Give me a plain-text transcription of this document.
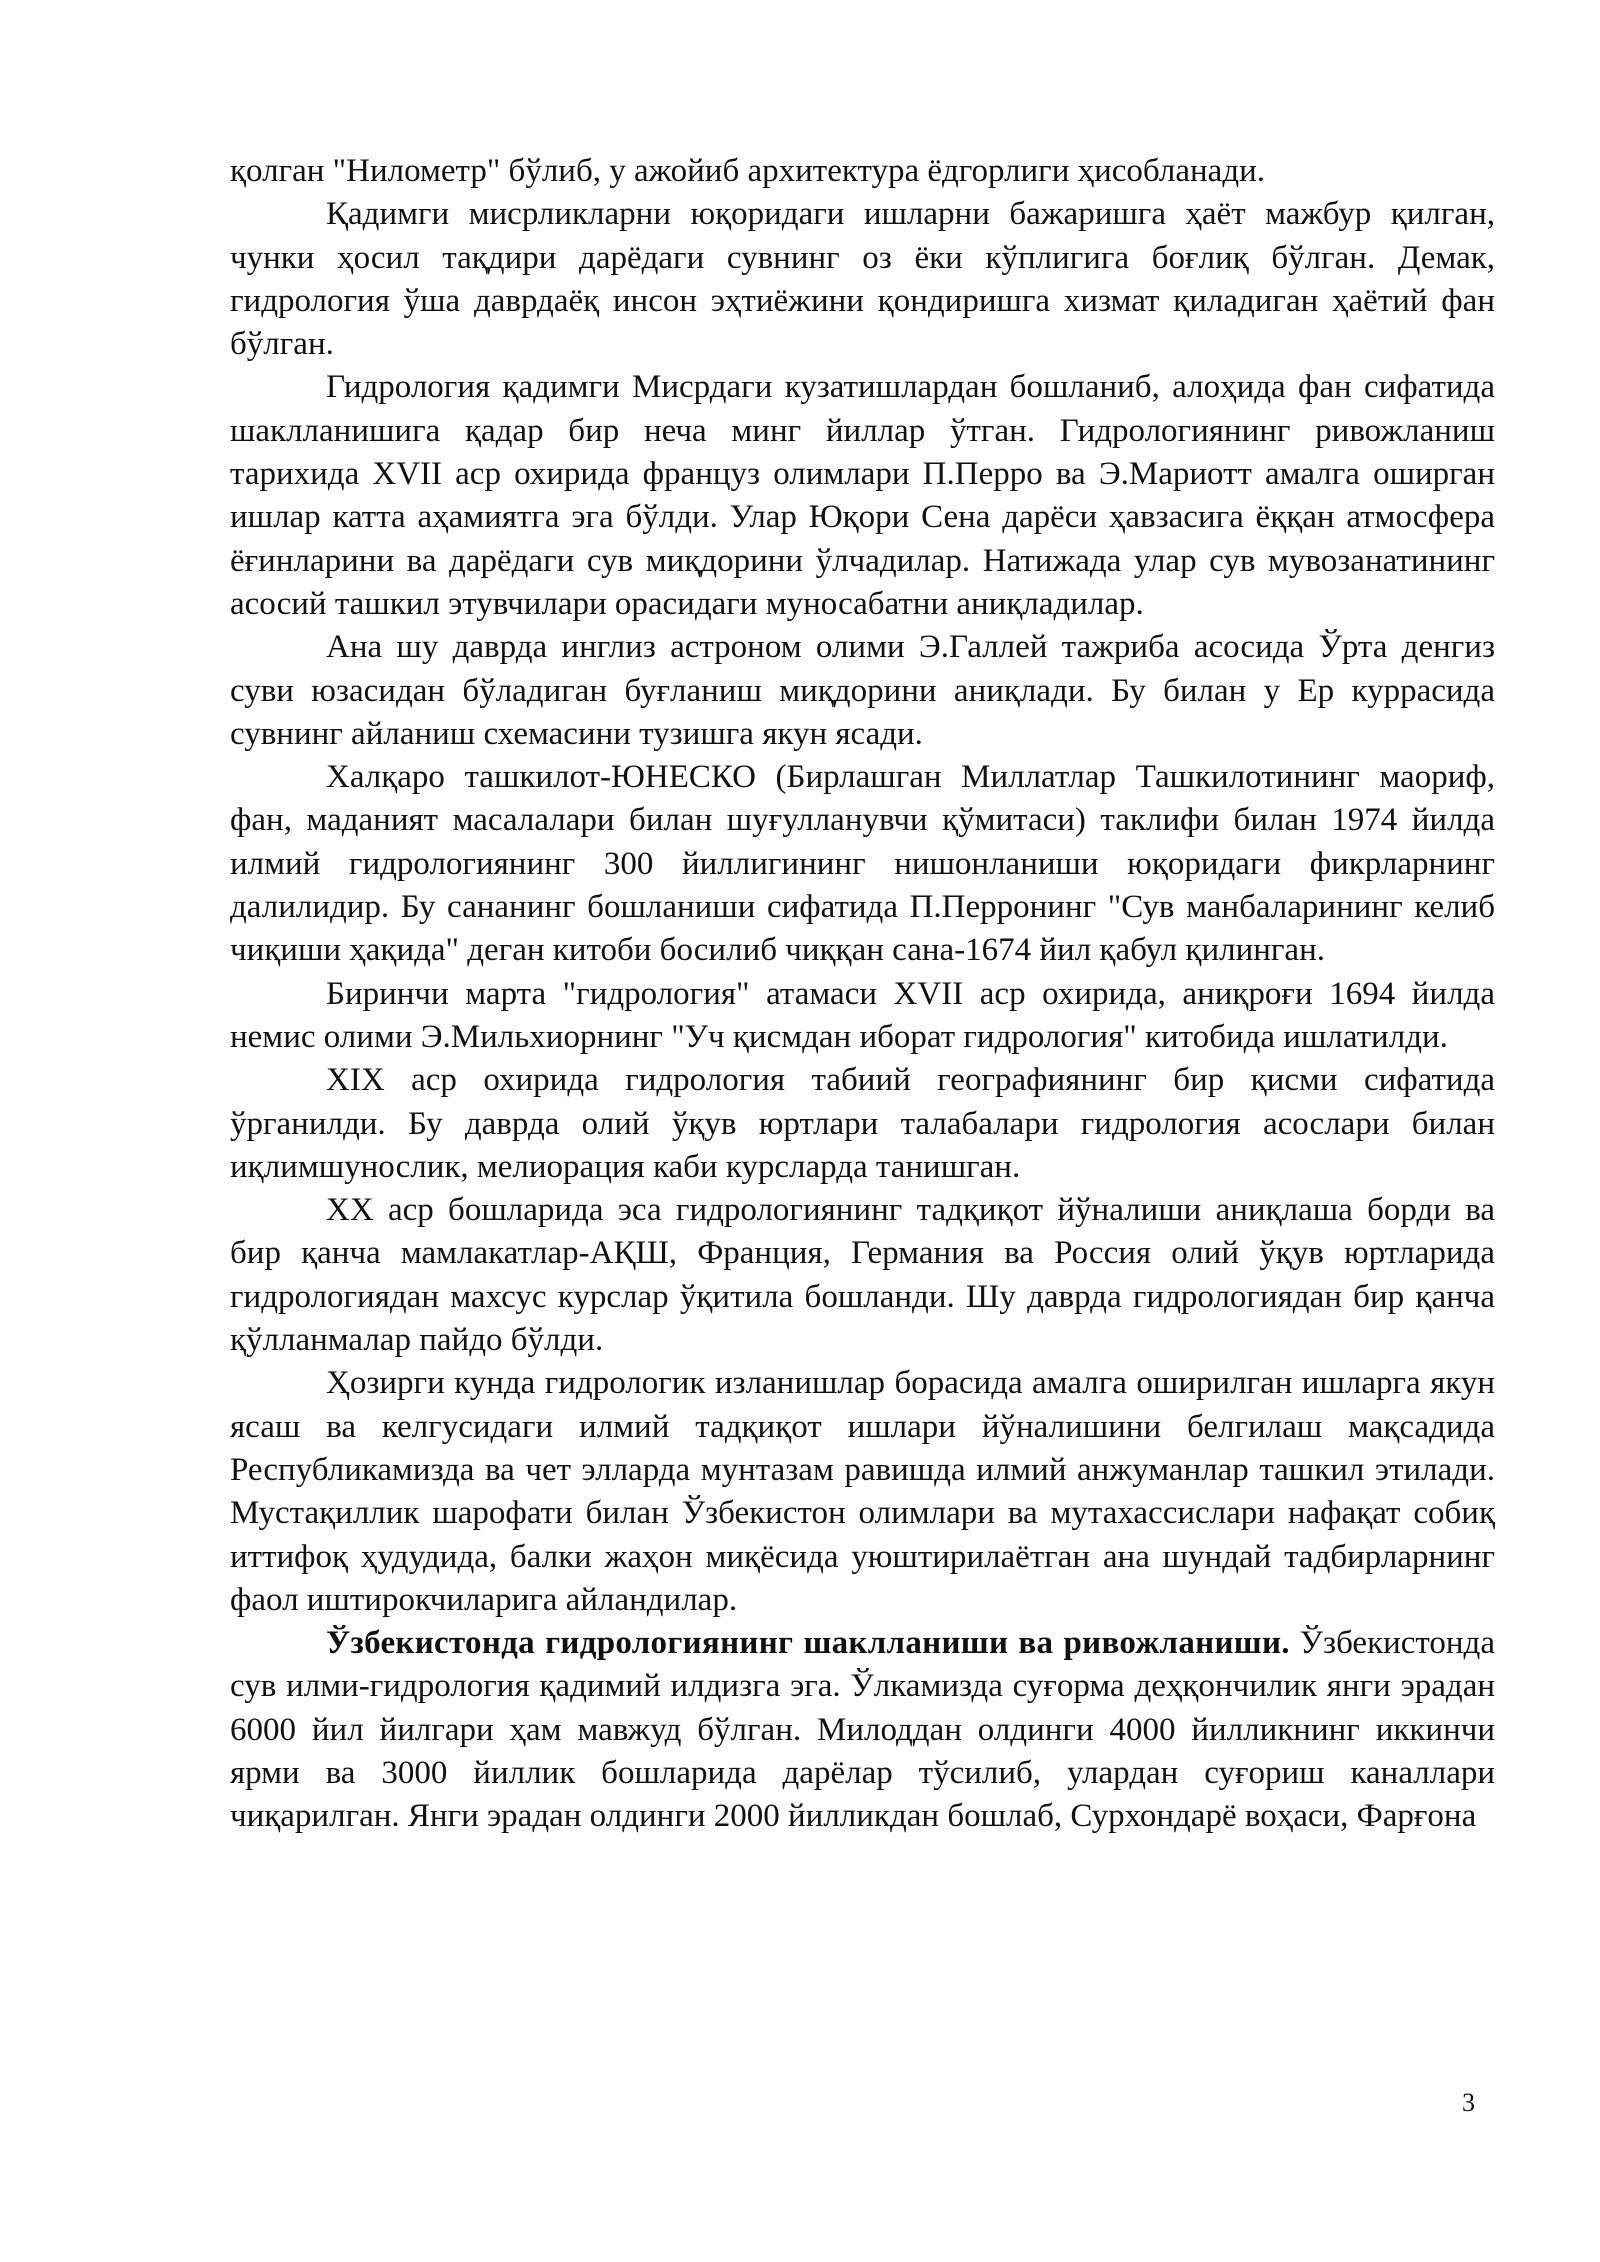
қолган "Нилометр" бўлиб, у ажойиб архитектура ёдгорлиги ҳисобланади.

Қадимги мисрликларни юқоридаги ишларни бажаришга ҳаёт мажбур қилган, чунки ҳосил тақдири дарёдаги сувнинг оз ёки кўплигига боғлиқ бўлган. Демак, гидрология ўша даврдаёқ инсон эҳтиёжини қондиришга хизмат қиладиган ҳаётий фан бўлган.

Гидрология қадимги Мисрдаги кузатишлардан бошланиб, алоҳида фан сифатида шаклланишига қадар бир неча минг йиллар ўтган. Гидрологиянинг ривожланиш тарихида XVII аср охирида француз олимлари П.Перро ва Э.Мариотт амалга оширган ишлар катта аҳамиятга эга бўлди. Улар Юқори Сена дарёси ҳавзасига ёққан атмосфера ёғинларини ва дарёдаги сув миқдорини ўлчадилар. Натижада улар сув мувозанатининг асосий ташкил этувчилари орасидаги муносабатни аниқладилар.

Ана шу даврда инглиз астроном олими Э.Галлей тажриба асосида Ўрта денгиз суви юзасидан бўладиган буғланиш миқдорини аниқлади. Бу билан у Ер куррасида сувнинг айланиш схемасини тузишга якун ясади.

Халқаро ташкилот-ЮНЕСКО (Бирлашган Миллатлар Ташкилотининг маориф, фан, маданият масалалари билан шуғулланувчи қўмитаси) таклифи билан 1974 йилда илмий гидрологиянинг 300 йиллигининг нишонланиши юқоридаги фикрларнинг далилидир. Бу сананинг бошланиши сифатида П.Перронинг "Сув манбаларининг келиб чиқиши ҳақида" деган китоби босилиб чиққан сана-1674 йил қабул қилинган.

Биринчи марта "гидрология" атамаси XVII аср охирида, аниқроғи 1694 йилда немис олими Э.Мильхиорнинг "Уч қисмдан иборат гидрология" китобида ишлатилди.

XIX аср охирида гидрология табиий географиянинг бир қисми сифатида ўрганилди. Бу даврда олий ўқув юртлари талабалари гидрология асослари билан иқлимшунослик, мелиорация каби курсларда танишган.

XX аср бошларида эса гидрологиянинг тадқиқот йўналиши аниқлаша борди ва бир қанча мамлакатлар-АҚШ, Франция, Германия ва Россия олий ўқув юртларида гидрологиядан махсус курслар ўқитила бошланди. Шу даврда гидрологиядан бир қанча қўлланмалар пайдо бўлди.

Ҳозирги кунда гидрологик изланишлар борасида амалга оширилган ишларга якун ясаш ва келгусидаги илмий тадқиқот ишлари йўналишини белгилаш мақсадида Республикамизда ва чет элларда мунтазам равишда илмий анжуманлар ташкил этилади. Мустақиллик шарофати билан Ўзбекистон олимлари ва мутахассислари нафақат собиқ иттифоқ ҳудудида, балки жаҳон миқёсида уюштирилаётган ана шундай тадбирларнинг фаол иштирокчиларига айландилар.

Ўзбекистонда гидрологиянинг шаклланиши ва ривожланиши. Ўзбекистонда сув илми-гидрология қадимий илдизга эга. Ўлкамизда суғорма деҳқончилик янги эрадан 6000 йил йилгари ҳам мавжуд бўлган. Милоддан олдинги 4000 йилликнинг иккинчи ярми ва 3000 йиллик бошларида дарёлар тўсилиб, улардан суғориш каналлари чиқарилган. Янги эрадан олдинги 2000 йилликдан бошлаб, Сурхондарё воҳаси, Фарғона

3
